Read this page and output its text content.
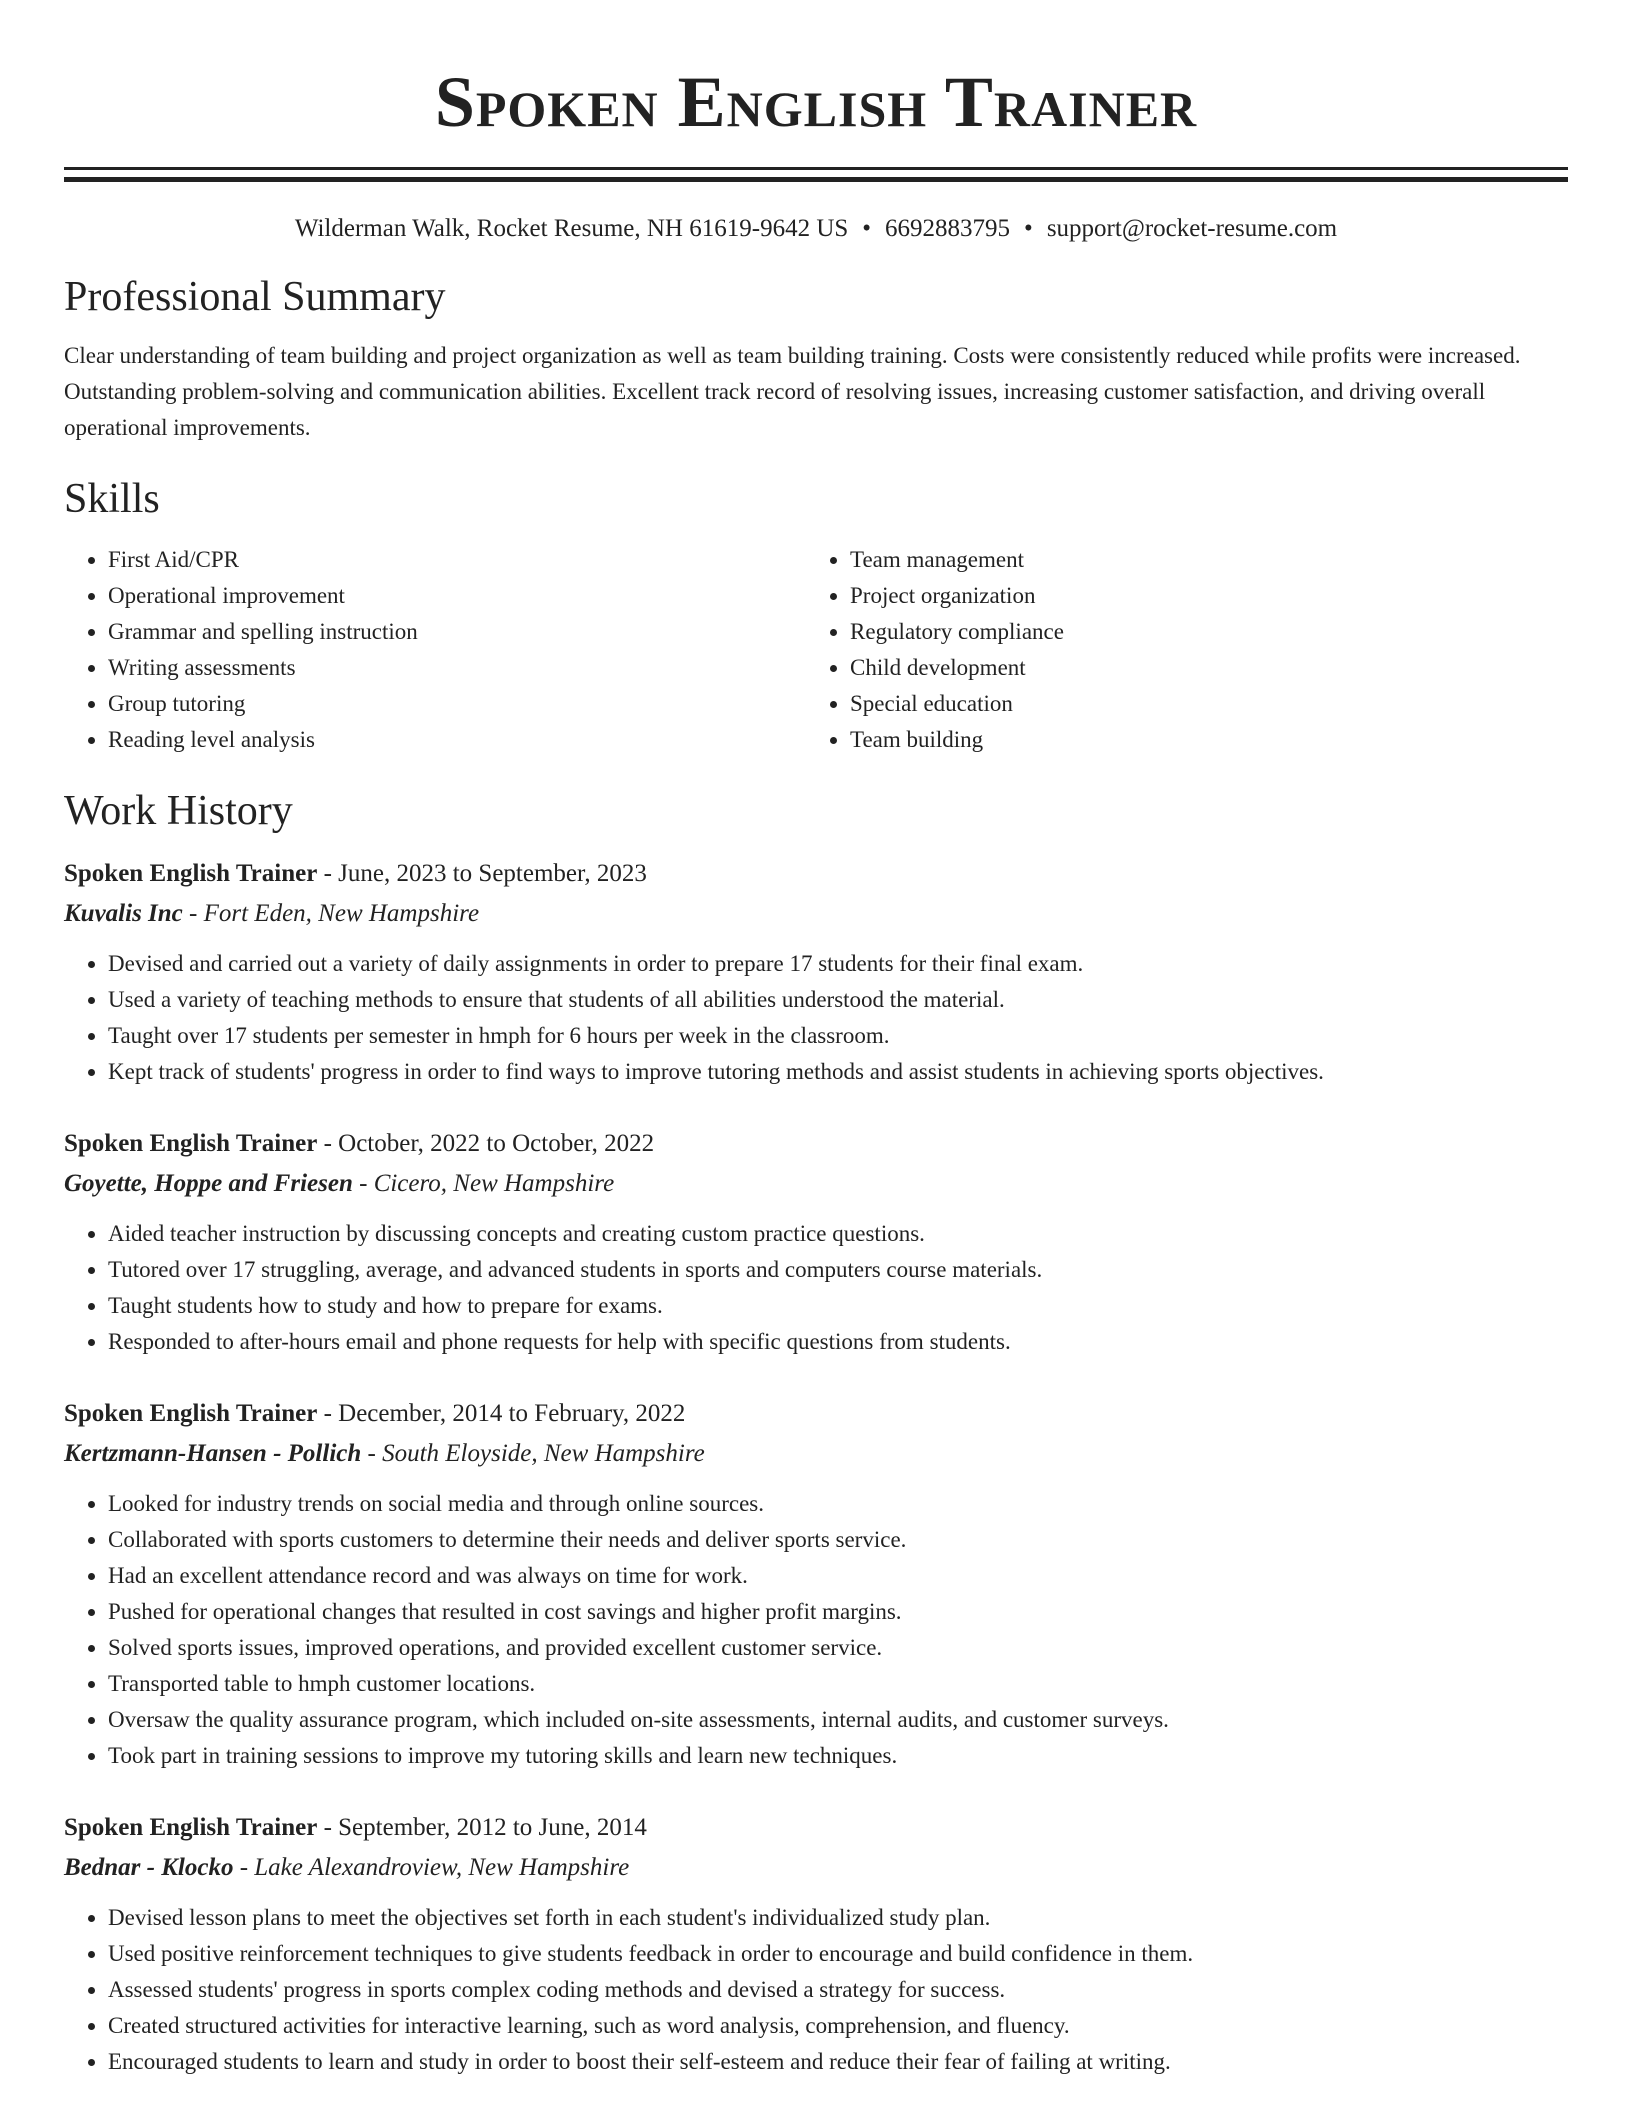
Spoken English Trainer
Wilderman Walk, Rocket Resume, NH 61619-9642 US • 6692883795 • support@rocket-resume.com
Professional Summary

Clear understanding of team building and project organization as well as team building training. Costs were consistently reduced while profits were increased. Outstanding problem-solving and communication abilities. Excellent track record of resolving issues, increasing customer satisfaction, and driving overall operational improvements.

Skills
• First Aid/CPR
• Operational improvement
• Grammar and spelling instruction
• Writing assessments
• Group tutoring
• Reading level analysis
• Team management
• Project organization
• Regulatory compliance
• Child development
• Special education
• Team building
Work History
Spoken English Trainer - June, 2023 to September, 2023
Kuvalis Inc - Fort Eden, New Hampshire
• Devised and carried out a variety of daily assignments in order to prepare 17 students for their final exam.
• Used a variety of teaching methods to ensure that students of all abilities understood the material.
• Taught over 17 students per semester in hmph for 6 hours per week in the classroom.
• Kept track of students' progress in order to find ways to improve tutoring methods and assist students in achieving sports objectives.
Spoken English Trainer - October, 2022 to October, 2022
Goyette, Hoppe and Friesen - Cicero, New Hampshire
• Aided teacher instruction by discussing concepts and creating custom practice questions.
• Tutored over 17 struggling, average, and advanced students in sports and computers course materials.
• Taught students how to study and how to prepare for exams.
• Responded to after-hours email and phone requests for help with specific questions from students.
Spoken English Trainer - December, 2014 to February, 2022
Kertzmann-Hansen - Pollich - South Eloyside, New Hampshire
• Looked for industry trends on social media and through online sources.
• Collaborated with sports customers to determine their needs and deliver sports service.
• Had an excellent attendance record and was always on time for work.
• Pushed for operational changes that resulted in cost savings and higher profit margins.
• Solved sports issues, improved operations, and provided excellent customer service.
• Transported table to hmph customer locations.
• Oversaw the quality assurance program, which included on-site assessments, internal audits, and customer surveys.
• Took part in training sessions to improve my tutoring skills and learn new techniques.
Spoken English Trainer - September, 2012 to June, 2014
Bednar - Klocko - Lake Alexandroview, New Hampshire
• Devised lesson plans to meet the objectives set forth in each student's individualized study plan.
• Used positive reinforcement techniques to give students feedback in order to encourage and build confidence in them.
• Assessed students' progress in sports complex coding methods and devised a strategy for success.
• Created structured activities for interactive learning, such as word analysis, comprehension, and fluency.
• Encouraged students to learn and study in order to boost their self-esteem and reduce their fear of failing at writing.
